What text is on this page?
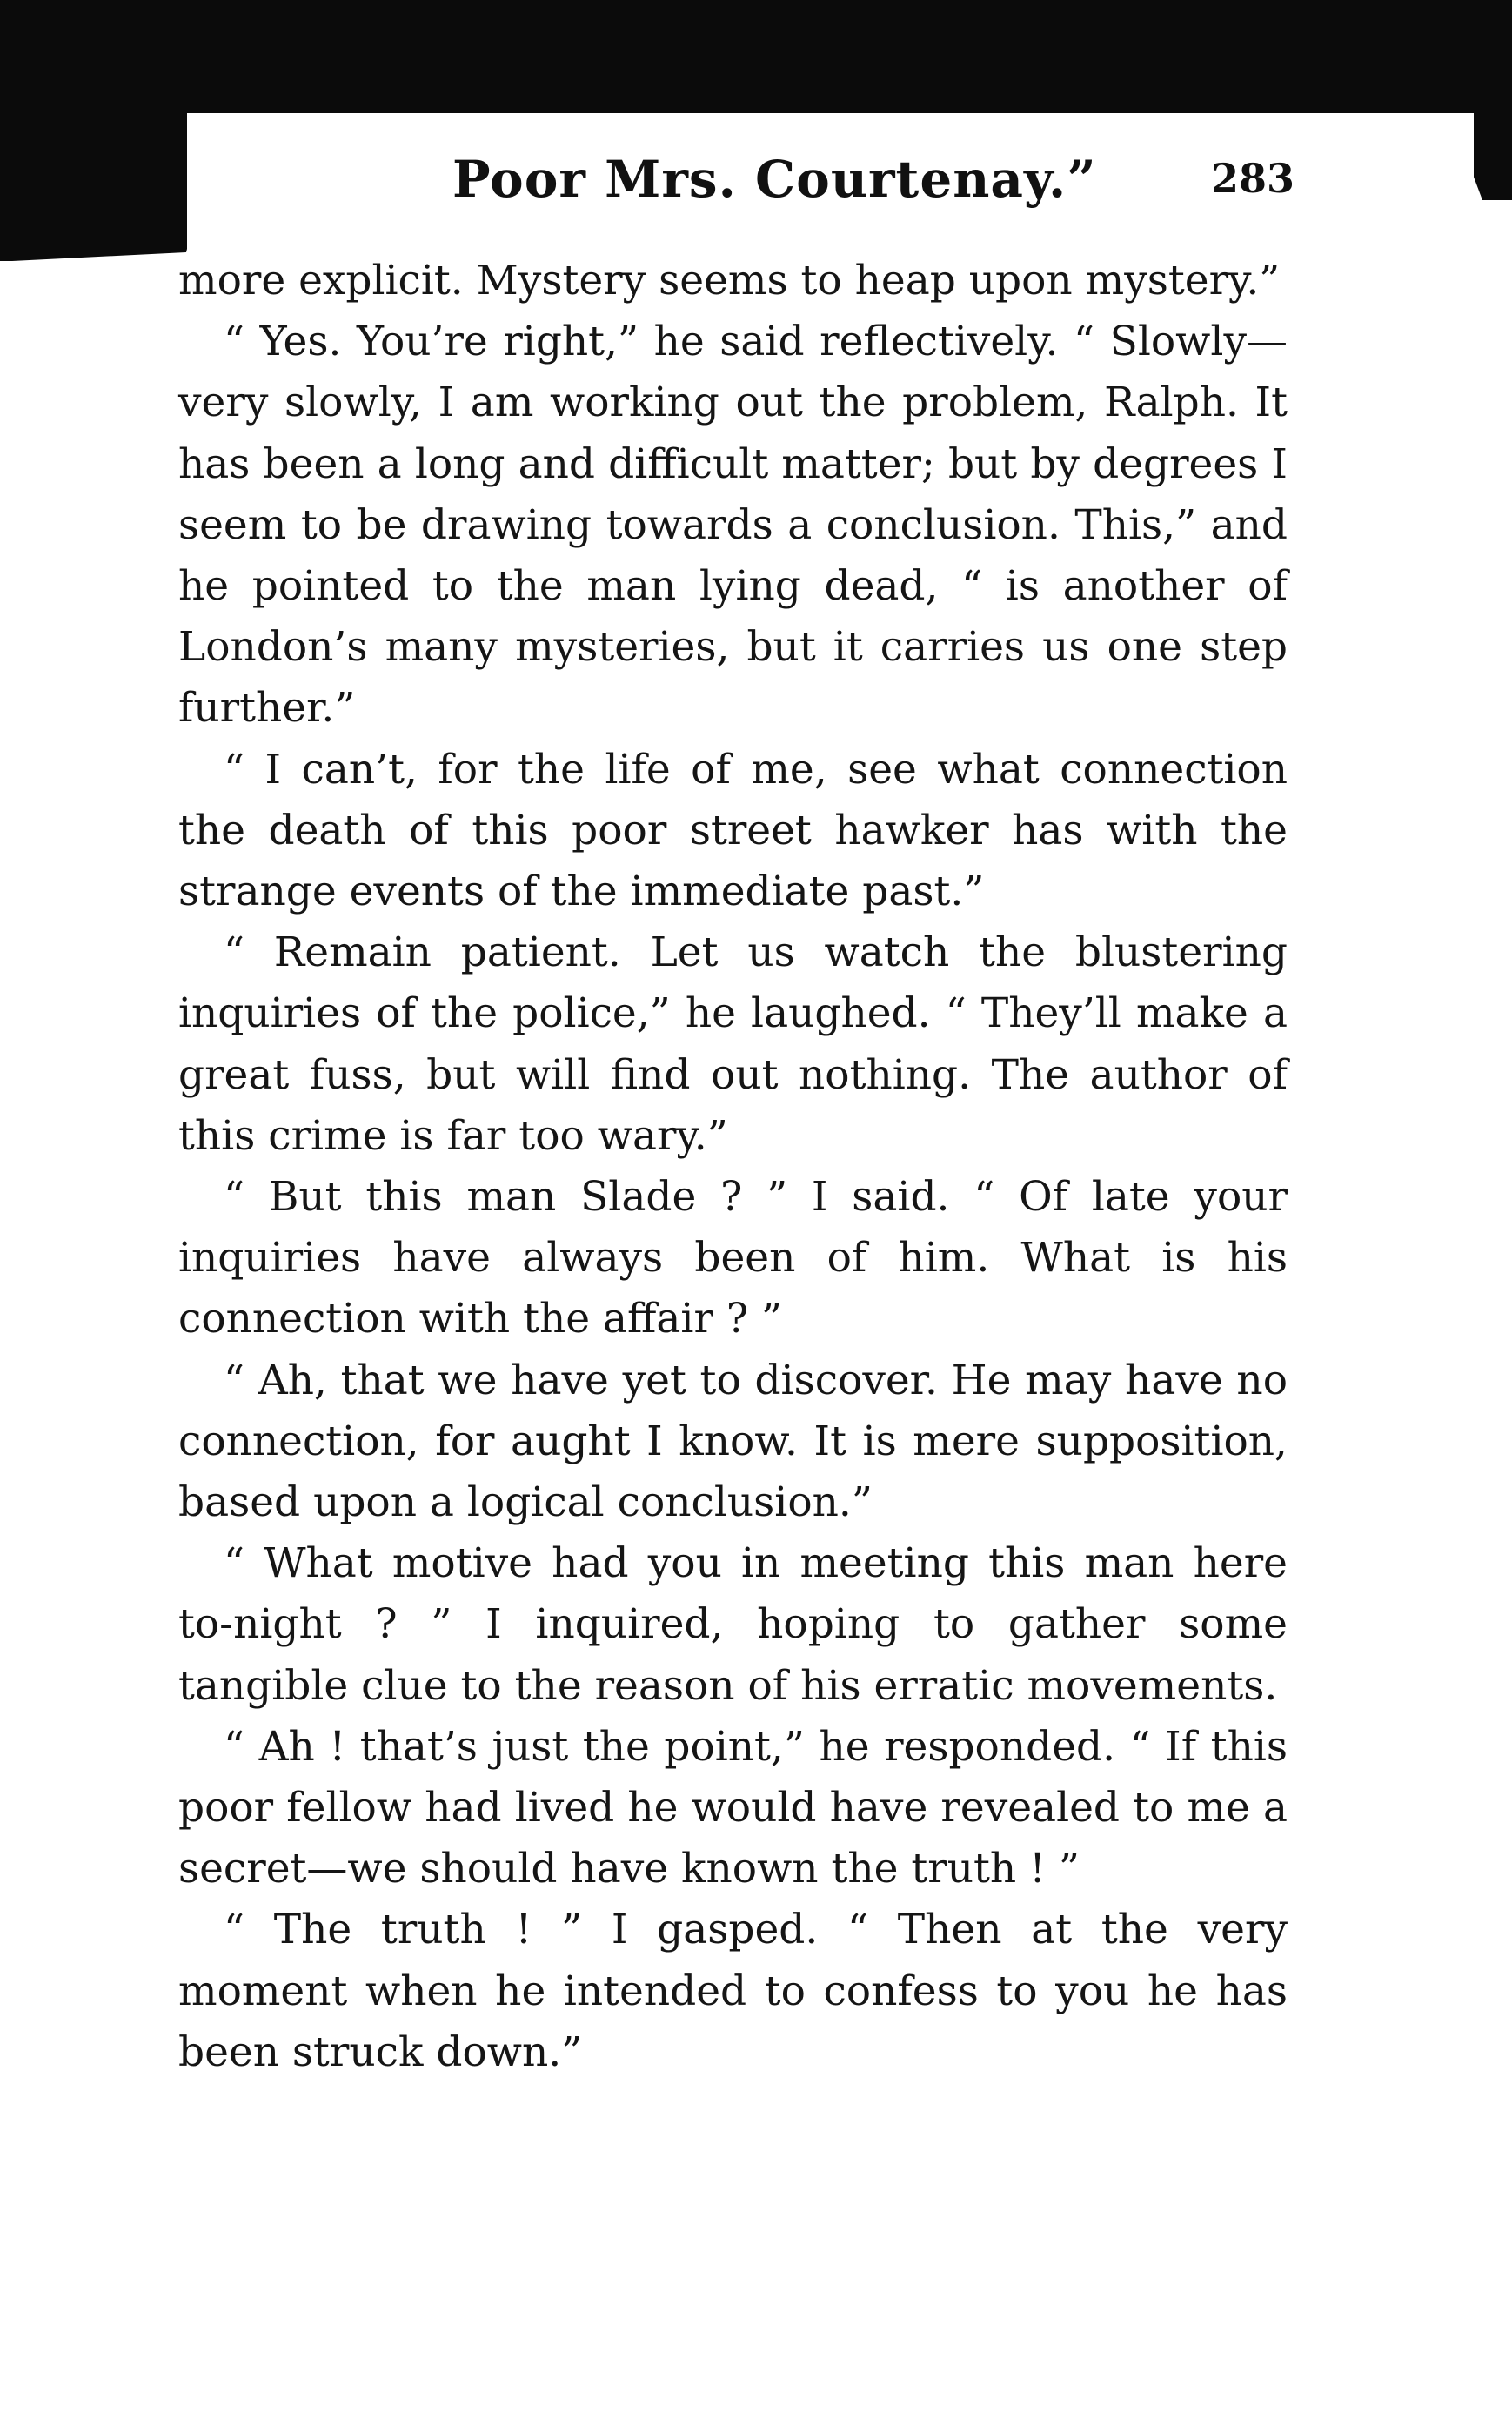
Poor Mrs. Courtenay.”	283

more explicit. Mystery seems to heap upon mystery.”

“ Yes. You’re right,” he said reflectively. “ Slowly—very slowly, I am working out the problem, Ralph. It has been a long and difficult matter; but by degrees I seem to be drawing towards a conclusion. This,” and he pointed to the man lying dead, “ is another of London’s many mysteries, but it carries us one step further.”

“ I can’t, for the life of me, see what connection the death of this poor street hawker has with the strange events of the immediate past.”

“ Remain patient. Let us watch the blustering inquiries of the police,” he laughed. “ They’ll make a great fuss, but will find out nothing. The author of this crime is far too wary.”

“ But this man Slade ? ” I said. “ Of late your inquiries have always been of him. What is his connection with the affair ? ”

“ Ah, that we have yet to discover. He may have no connection, for aught I know. It is mere supposition, based upon a logical conclusion.”

“ What motive had you in meeting this man here to-night ? ” I inquired, hoping to gather some tangible clue to the reason of his erratic movements.

“ Ah ! that’s just the point,” he responded. “ If this poor fellow had lived he would have revealed to me a secret—we should have known the truth ! ”

“ The truth ! ” I gasped. “ Then at the very moment when he intended to confess to you he has been struck down.”
